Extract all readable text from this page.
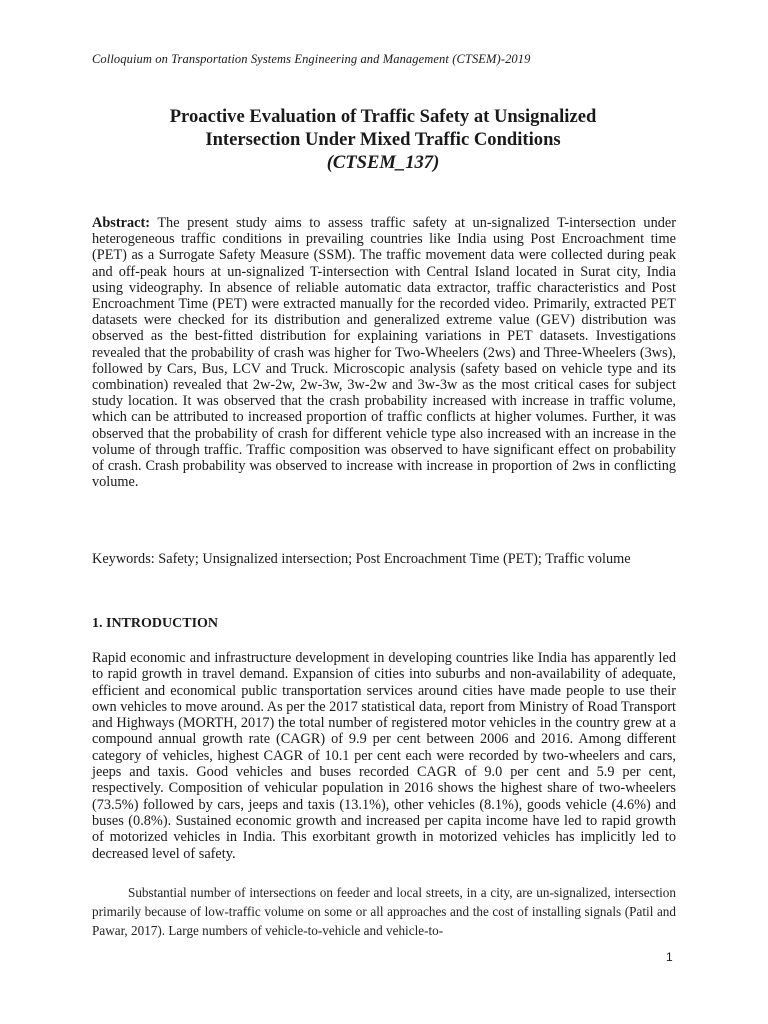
Colloquium on Transportation Systems Engineering and Management (CTSEM)-2019

Proactive Evaluation of Traffic Safety at Unsignalized

Intersection Under Mixed Traffic Conditions

(CTSEM_137)

Abstract: The present study aims to assess traffic safety at un-signalized T-intersection under heterogeneous traffic conditions in prevailing countries like India using Post Encroachment time (PET) as a Surrogate Safety Measure (SSM). The traffic movement data were collected during peak and off-peak hours at un-signalized T-intersection with Central Island located in Surat city, India using videography. In absence of reliable automatic data extractor, traffic characteristics and Post Encroachment Time (PET) were extracted manually for the recorded video. Primarily, extracted PET datasets were checked for its distribution and generalized extreme value (GEV) distribution was observed as the best-fitted distribution for explaining variations in PET datasets. Investigations revealed that the probability of crash was higher for Two-Wheelers (2ws) and Three-Wheelers (3ws), followed by Cars, Bus, LCV and Truck. Microscopic analysis (safety based on vehicle type and its combination) revealed that 2w-2w, 2w-3w, 3w-2w and 3w-3w as the most critical cases for subject study location. It was observed that the crash probability increased with increase in traffic volume, which can be attributed to increased proportion of traffic conflicts at higher volumes. Further, it was observed that the probability of crash for different vehicle type also increased with an increase in the volume of through traffic. Traffic composition was observed to have significant effect on probability of crash. Crash probability was observed to increase with increase in proportion of 2ws in conflicting volume.

Keywords: Safety; Unsignalized intersection; Post Encroachment Time (PET); Traffic volume

1. INTRODUCTION

Rapid economic and infrastructure development in developing countries like India has apparently led to rapid growth in travel demand. Expansion of cities into suburbs and non-availability of adequate, efficient and economical public transportation services around cities have made people to use their own vehicles to move around. As per the 2017 statistical data, report from Ministry of Road Transport and Highways (MORTH, 2017) the total number of registered motor vehicles in the country grew at a compound annual growth rate (CAGR) of 9.9 per cent between 2006 and 2016. Among different category of vehicles, highest CAGR of 10.1 per cent each were recorded by two-wheelers and cars, jeeps and taxis. Good vehicles and buses recorded CAGR of 9.0 per cent and 5.9 per cent, respectively. Composition of vehicular population in 2016 shows the highest share of two-wheelers (73.5%) followed by cars, jeeps and taxis (13.1%), other vehicles (8.1%), goods vehicle (4.6%) and buses (0.8%). Sustained economic growth and increased per capita income have led to rapid growth of motorized vehicles in India. This exorbitant growth in motorized vehicles has implicitly led to decreased level of safety.

Substantial number of intersections on feeder and local streets, in a city, are un-signalized, intersection primarily because of low-traffic volume on some or all approaches and the cost of installing signals (Patil and Pawar, 2017). Large numbers of vehicle-to-vehicle and vehicle-to-

1
